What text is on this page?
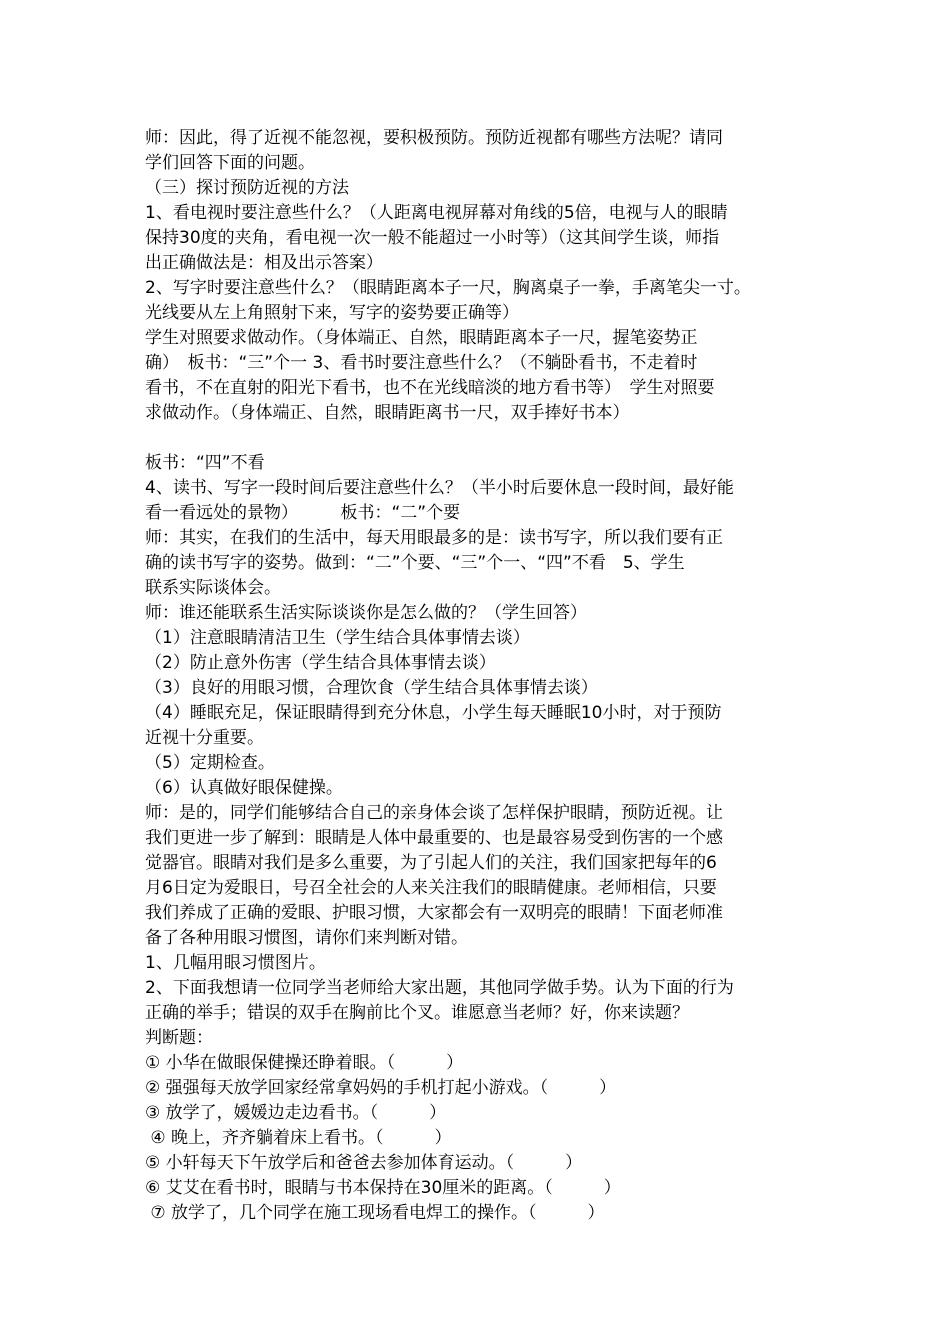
师：因此，得了近视不能忽视，要积极预防。预防近视都有哪些方法呢？请同
学们回答下面的问题。
（三）探讨预防近视的方法
1、看电视时要注意些什么？（人距离电视屏幕对角线的5倍，电视与人的眼睛
保持30度的夹角，看电视一次一般不能超过一小时等）（这其间学生谈，师指
出正确做法是：相及出示答案）
2、写字时要注意些什么？（眼睛距离本子一尺，胸离桌子一拳，手离笔尖一寸。
光线要从左上角照射下来，写字的姿势要正确等）
学生对照要求做动作。（身体端正、自然，眼睛距离本子一尺，握笔姿势正
确）　板书：“三”个一 3、看书时要注意些什么？（不躺卧看书，不走着时
看书，不在直射的阳光下看书，也不在光线暗淡的地方看书等）　学生对照要
求做动作。（身体端正、自然，眼睛距离书一尺，双手捧好书本）
板书：“四”不看
4、读书、写字一段时间后要注意些什么？（半小时后要休息一段时间，最好能
看一看远处的景物）　　　板书：“二”个要
师：其实，在我们的生活中，每天用眼最多的是：读书写字，所以我们要有正
确的读书写字的姿势。做到：“二”个要、“三”个一、“四”不看　5、学生
联系实际谈体会。
师：谁还能联系生活实际谈谈你是怎么做的？（学生回答）
（1）注意眼睛清洁卫生（学生结合具体事情去谈）
（2）防止意外伤害（学生结合具体事情去谈）
（3）良好的用眼习惯，合理饮食（学生结合具体事情去谈）
（4）睡眠充足，保证眼睛得到充分休息，小学生每天睡眠10小时，对于预防
近视十分重要。
（5）定期检查。
（6）认真做好眼保健操。
师：是的，同学们能够结合自己的亲身体会谈了怎样保护眼睛，预防近视。让
我们更进一步了解到：眼睛是人体中最重要的、也是最容易受到伤害的一个感
觉器官。眼睛对我们是多么重要，为了引起人们的关注，我们国家把每年的6
月6日定为爱眼日，号召全社会的人来关注我们的眼睛健康。老师相信，只要
我们养成了正确的爱眼、护眼习惯，大家都会有一双明亮的眼睛！下面老师准
备了各种用眼习惯图，请你们来判断对错。
1、几幅用眼习惯图片。
2、下面我想请一位同学当老师给大家出题，其他同学做手势。认为下面的行为
正确的举手；错误的双手在胸前比个叉。谁愿意当老师？好，你来读题？
判断题：
① 小华在做眼保健操还睁着眼。（　　　）
② 强强每天放学回家经常拿妈妈的手机打起小游戏。（　　　）
③ 放学了，媛媛边走边看书。（　　　）
④ 晚上，齐齐躺着床上看书。（　　　）
⑤ 小轩每天下午放学后和爸爸去参加体育运动。（　　　）
⑥ 艾艾在看书时，眼睛与书本保持在30厘米的距离。（　　　）
⑦ 放学了，几个同学在施工现场看电焊工的操作。（　　　）
